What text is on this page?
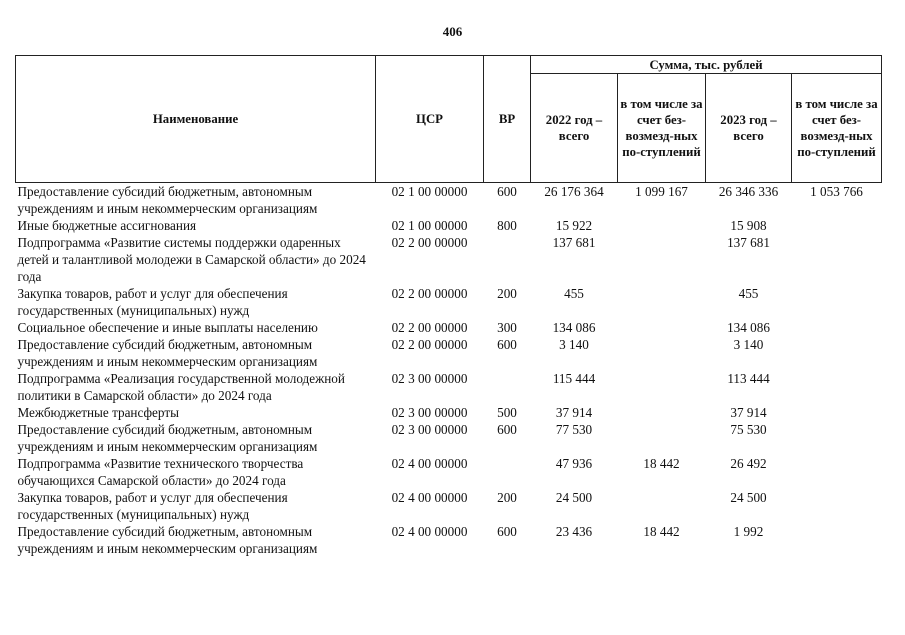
406
Наименование	ЦСР	ВР	Сумма, тыс. рублей			
			2022 год – всего	в том числе за счет без-возмезд-ных по-ступлений	2023 год – всего	в том числе за счет без-возмезд-ных по-ступлений
Предоставление субсидий бюджетным, автономным учреждениям и иным некоммерческим организациям	02 1 00 00000	600	26 176 364	1 099 167	26 346 336	1 053 766
Иные бюджетные ассигнования	02 1 00 00000	800	15 922		15 908	
Подпрограмма «Развитие системы поддержки одаренных детей и талантливой молодежи в Самарской области» до 2024 года	02 2 00 00000		137 681		137 681	
Закупка товаров, работ и услуг для обеспечения государственных (муниципальных) нужд	02 2 00 00000	200	455		455	
Социальное обеспечение и иные выплаты населению	02 2 00 00000	300	134 086		134 086	
Предоставление субсидий бюджетным, автономным учреждениям и иным некоммерческим организациям	02 2 00 00000	600	3 140		3 140	
Подпрограмма «Реализация государственной молодежной политики в Самарской области» до 2024 года	02 3 00 00000		115 444		113 444	
Межбюджетные трансферты	02 3 00 00000	500	37 914		37 914	
Предоставление субсидий бюджетным, автономным учреждениям и иным некоммерческим организациям	02 3 00 00000	600	77 530		75 530	
Подпрограмма «Развитие технического творчества обучающихся Самарской области» до 2024 года	02 4 00 00000		47 936	18 442	26 492	
Закупка товаров, работ и услуг для обеспечения государственных (муниципальных) нужд	02 4 00 00000	200	24 500		24 500	
Предоставление субсидий бюджетным, автономным учреждениям и иным некоммерческим организациям	02 4 00 00000	600	23 436	18 442	1 992	
